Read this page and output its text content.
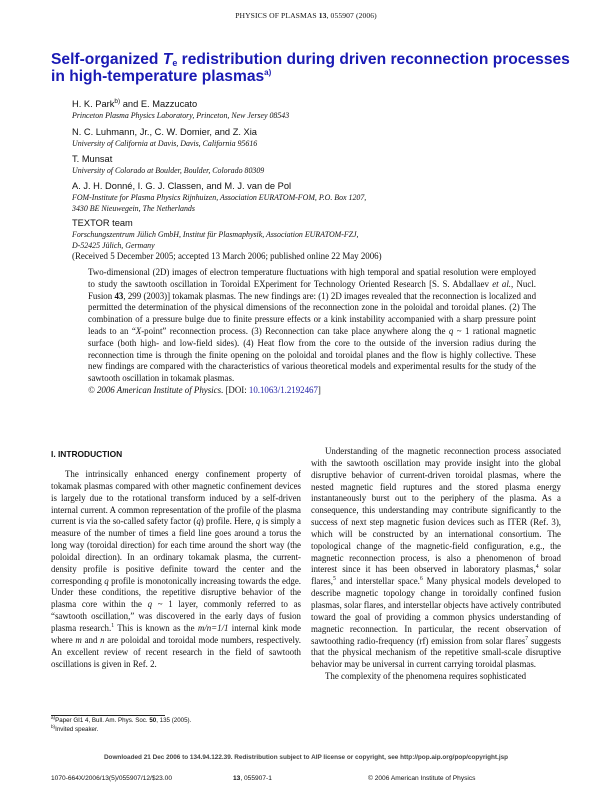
PHYSICS OF PLASMAS 13, 055907 (2006)
Self-organized $T_e$ redistribution during driven reconnection processes
in high-temperature plasmas$^{a)}$
H. K. Park$^{b)}$ and E. Mazzucato
Princeton Plasma Physics Laboratory, Princeton, New Jersey 08543
N. C. Luhmann, Jr., C. W. Domier, and Z. Xia
University of California at Davis, Davis, California 95616
T. Munsat
University of Colorado at Boulder, Boulder, Colorado 80309
A. J. H. Donné, I. G. J. Classen, and M. J. van de Pol
FOM-Institute for Plasma Physics Rijnhuizen, Association EURATOM-FOM, P.O. Box 1207,
3430 BE Nieuwegein, The Netherlands
TEXTOR team
Forschungszentrum Jülich GmbH, Institut für Plasmaphysik, Association EURATOM-FZJ,
D-52425 Jülich, Germany
(Received 5 December 2005; accepted 13 March 2006; published online 22 May 2006)
Two-dimensional (2D) images of electron temperature fluctuations with high temporal and spatial resolution were employed to study the sawtooth oscillation in Toroidal EXperiment for Technology Oriented Research [S. S. Abdallaev et al., Nucl. Fusion 43, 299 (2003)] tokamak plasmas. The new findings are: (1) 2D images revealed that the reconnection is localized and permitted the determination of the physical dimensions of the reconnection zone in the poloidal and toroidal planes. (2) The combination of a pressure bulge due to finite pressure effects or a kink instability accompanied with a sharp pressure point leads to an “X-point” reconnection process. (3) Reconnection can take place anywhere along the q ~ 1 rational magnetic surface (both high- and low-field sides). (4) Heat flow from the core to the outside of the inversion radius during the reconnection time is through the finite opening on the poloidal and toroidal planes and the flow is highly collective. These new findings are compared with the characteristics of various theoretical models and experimental results for the study of the sawtooth oscillation in tokamak plasmas.
© 2006 American Institute of Physics. [DOI: 10.1063/1.2192467]
I. INTRODUCTION

The intrinsically enhanced energy confinement property of tokamak plasmas compared with other magnetic confinement devices is largely due to the rotational transform induced by a self-driven internal current. A common representation of the profile of the plasma current is via the so-called safety factor (q) profile. Here, q is simply a measure of the number of times a field line goes around a torus the long way (toroidal direction) for each time around the short way (the poloidal direction). In an ordinary tokamak plasma, the current-density profile is positive definite toward the center and the corresponding q profile is monotonically increasing towards the edge. Under these conditions, the repetitive disruptive behavior of the plasma core within the q ~ 1 layer, commonly referred to as “sawtooth oscillation,” was discovered in the early days of fusion plasma research.$^1$ This is known as the m/n=1/1 internal kink mode where m and n are poloidal and toroidal mode numbers, respectively. An excellent review of recent research in the field of sawtooth oscillations is given in Ref. 2.

Understanding of the magnetic reconnection process associated with the sawtooth oscillation may provide insight into the global disruptive behavior of current-driven toroidal plasmas, where the nested magnetic field ruptures and the stored plasma energy instantaneously burst out to the periphery of the plasma. As a consequence, this understanding may contribute significantly to the success of next step magnetic fusion devices such as ITER (Ref. 3), which will be constructed by an international consortium. The topological change of the magnetic-field configuration, e.g., the magnetic reconnection process, is also a phenomenon of broad interest since it has been observed in laboratory plasmas,$^4$ solar flares,$^5$ and interstellar space.$^6$ Many physical models developed to describe magnetic topology change in toroidally confined fusion plasmas, solar flares, and interstellar objects have actively contributed toward the goal of providing a common physics understanding of magnetic reconnection. In particular, the recent observation of sawtoothing radio-frequency (rf) emission from solar flares$^7$ suggests that the physical mechanism of the repetitive small-scale disruptive behavior may be universal in current carrying toroidal plasmas.

The complexity of the phenomena requires sophisticated

$^{a)}$Paper GI1 4, Bull. Am. Phys. Soc. 50, 135 (2005).
$^{b)}$Invited speaker.
1070-664X/2006/13(5)/055907/12/$23.00	13, 055907-1	© 2006 American Institute of Physics
Downloaded 21 Dec 2006 to 134.94.122.39. Redistribution subject to AIP license or copyright, see http://pop.aip.org/pop/copyright.jsp
